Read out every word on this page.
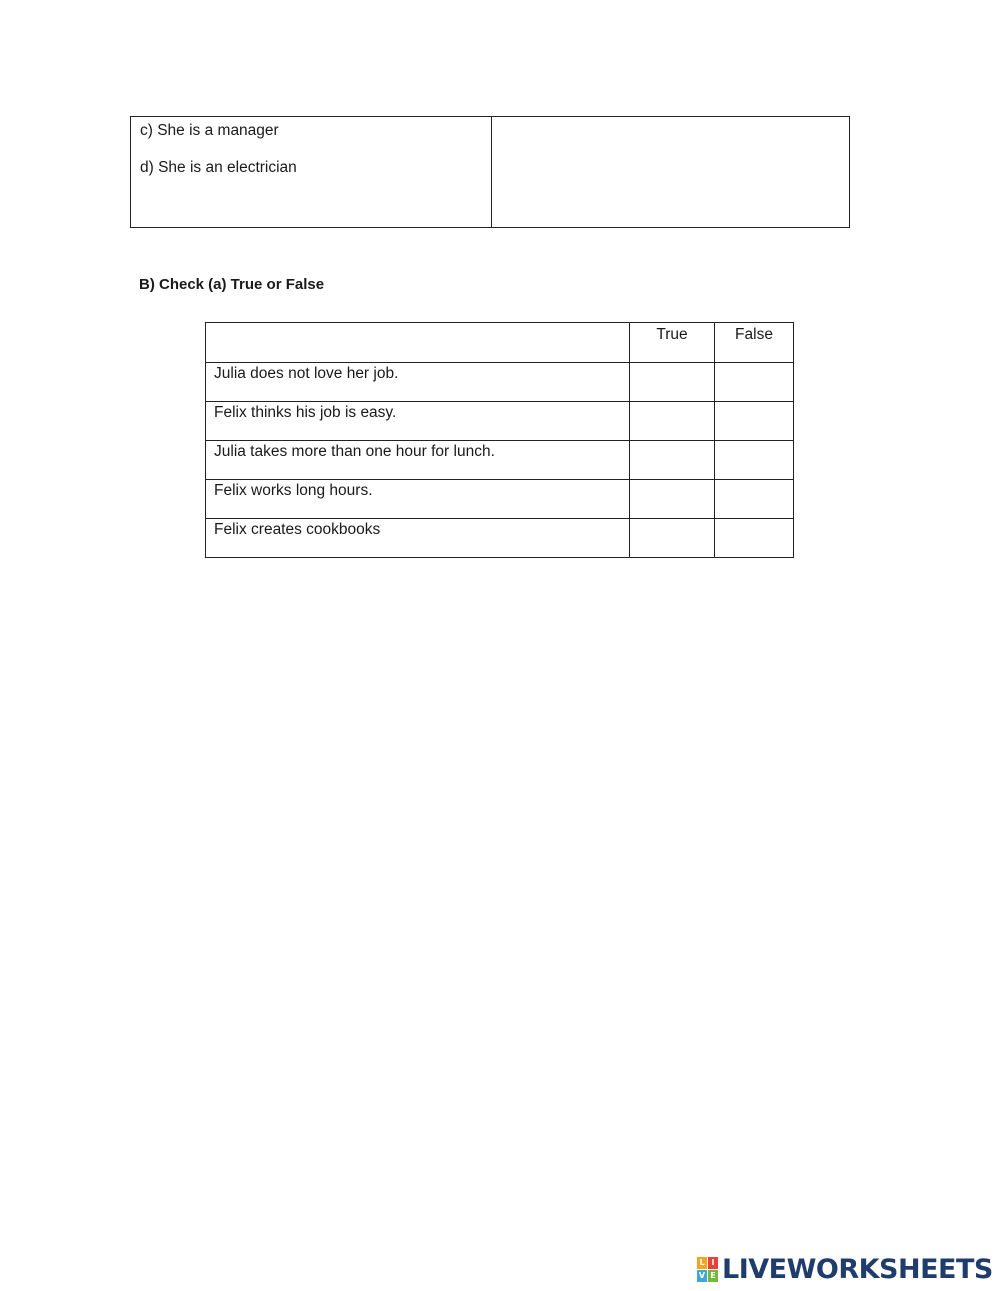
c) She is a manager
d) She is an electrician

B) Check (a) True or False
	True	False
Julia does not love her job.		
Felix thinks his job is easy.		
Julia takes more than one hour for lunch.		
Felix works long hours.		
Felix creates cookbooks		
L I
V E LIVEWORKSHEETS
